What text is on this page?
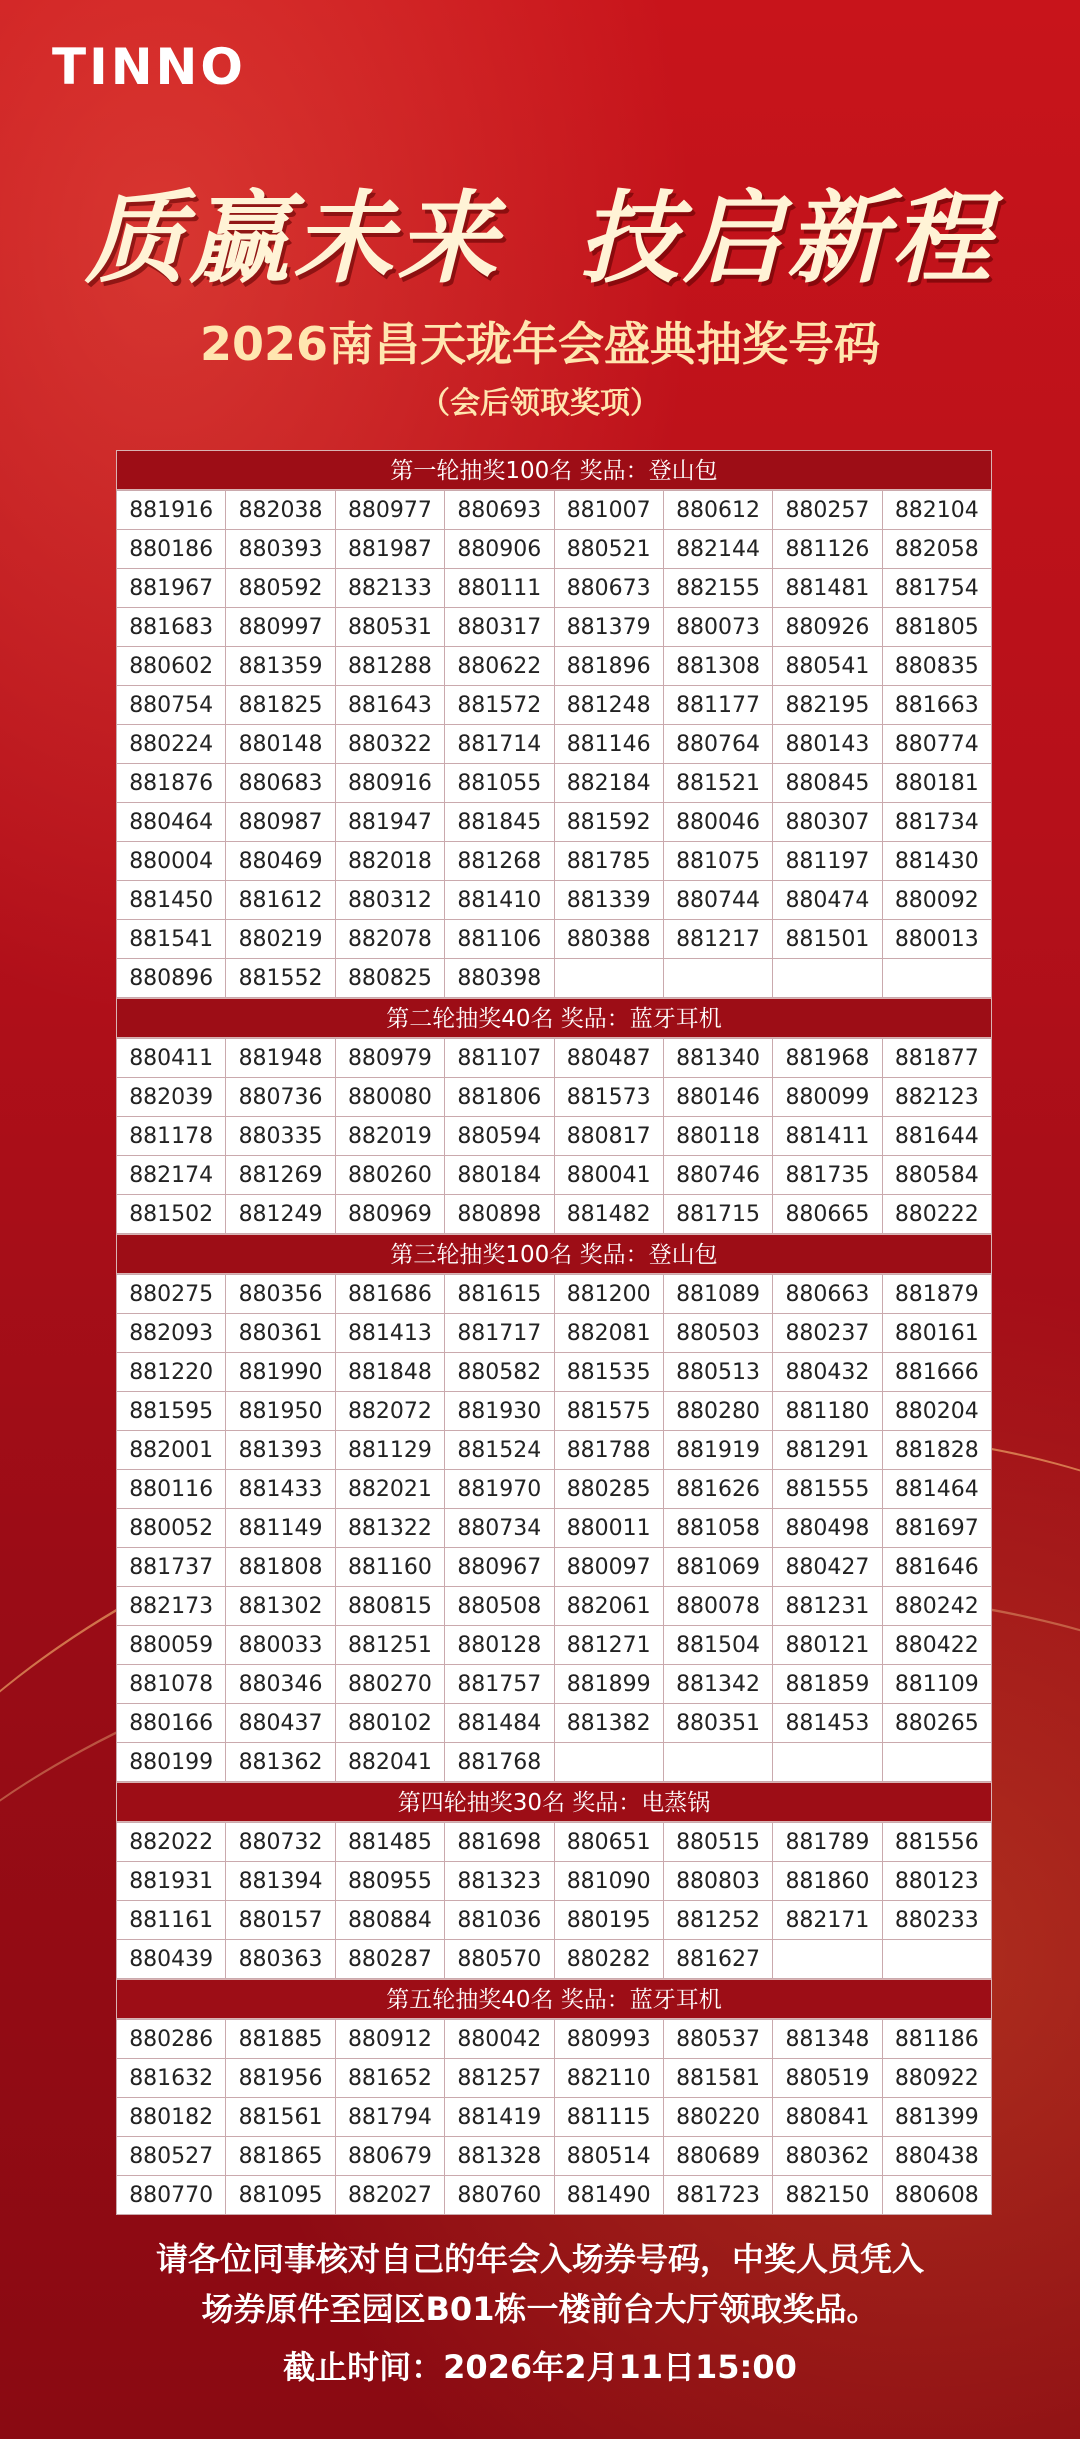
TINNO
质赢未来  技启新程
2026南昌天珑年会盛典抽奖号码
（会后领取奖项）
第一轮抽奖100名 奖品：登山包
881916	882038	880977	880693	881007	880612	880257	882104
880186	880393	881987	880906	880521	882144	881126	882058
881967	880592	882133	880111	880673	882155	881481	881754
881683	880997	880531	880317	881379	880073	880926	881805
880602	881359	881288	880622	881896	881308	880541	880835
880754	881825	881643	881572	881248	881177	882195	881663
880224	880148	880322	881714	881146	880764	880143	880774
881876	880683	880916	881055	882184	881521	880845	880181
880464	880987	881947	881845	881592	880046	880307	881734
880004	880469	882018	881268	881785	881075	881197	881430
881450	881612	880312	881410	881339	880744	880474	880092
881541	880219	882078	881106	880388	881217	881501	880013
880896	881552	880825	880398				
第二轮抽奖40名 奖品：蓝牙耳机
880411	881948	880979	881107	880487	881340	881968	881877
882039	880736	880080	881806	881573	880146	880099	882123
881178	880335	882019	880594	880817	880118	881411	881644
882174	881269	880260	880184	880041	880746	881735	880584
881502	881249	880969	880898	881482	881715	880665	880222
第三轮抽奖100名 奖品：登山包
880275	880356	881686	881615	881200	881089	880663	881879
882093	880361	881413	881717	882081	880503	880237	880161
881220	881990	881848	880582	881535	880513	880432	881666
881595	881950	882072	881930	881575	880280	881180	880204
882001	881393	881129	881524	881788	881919	881291	881828
880116	881433	882021	881970	880285	881626	881555	881464
880052	881149	881322	880734	880011	881058	880498	881697
881737	881808	881160	880967	880097	881069	880427	881646
882173	881302	880815	880508	882061	880078	881231	880242
880059	880033	881251	880128	881271	881504	880121	880422
881078	880346	880270	881757	881899	881342	881859	881109
880166	880437	880102	881484	881382	880351	881453	880265
880199	881362	882041	881768				
第四轮抽奖30名 奖品：电蒸锅
882022	880732	881485	881698	880651	880515	881789	881556
881931	881394	880955	881323	881090	880803	881860	880123
881161	880157	880884	881036	880195	881252	882171	880233
880439	880363	880287	880570	880282	881627		
第五轮抽奖40名 奖品：蓝牙耳机
880286	881885	880912	880042	880993	880537	881348	881186
881632	881956	881652	881257	882110	881581	880519	880922
880182	881561	881794	881419	881115	880220	880841	881399
880527	881865	880679	881328	880514	880689	880362	880438
880770	881095	882027	880760	881490	881723	882150	880608
请各位同事核对自己的年会入场券号码，中奖人员凭入
场券原件至园区B01栋一楼前台大厅领取奖品。
截止时间：2026年2月11日15:00
